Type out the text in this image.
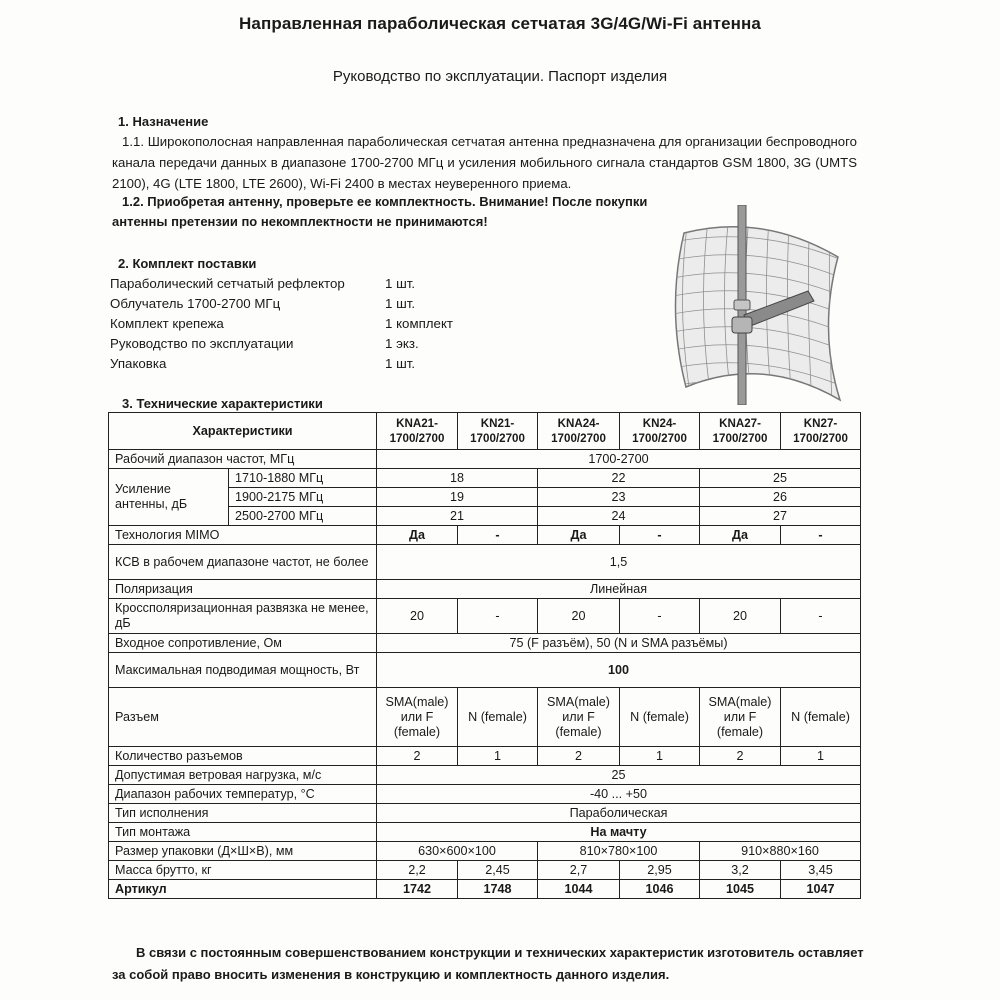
Направленная параболическая сетчатая 3G/4G/Wi-Fi антенна
Руководство по эксплуатации. Паспорт изделия
1. Назначение
1.1. Широкополосная направленная параболическая сетчатая антенна предназначена для организации беспроводного канала передачи данных в диапазоне 1700-2700 МГц и усиления мобильного сигнала стандартов GSM 1800, 3G (UMTS 2100), 4G (LTE 1800, LTE 2600), Wi-Fi 2400 в местах неуверенного приема.
1.2. Приобретая антенну, проверьте ее комплектность. Внимание! После покупки антенны претензии по некомплектности не принимаются!
2. Комплект поставки
Параболический сетчатый рефлектор	1 шт.
Облучатель 1700-2700 МГц	1 шт.
Комплект крепежа	1 комплект
Руководство по эксплуатации	1 экз.
Упаковка	1 шт.
3. Технические характеристики
Характеристики		KNA21-1700/2700	KN21-1700/2700	KNA24-1700/2700	KN24-1700/2700	KNA27-1700/2700	KN27-1700/2700
Рабочий диапазон частот, МГц		1700-2700					
Усиление антенны, дБ	1710-1880 МГц	18		22		25	
	1900-2175 МГц	19		23		26	
	2500-2700 МГц	21		24		27	
Технология MIMO		Да	-	Да	-	Да	-
КСВ в рабочем диапазоне частот, не более		1,5					
Поляризация		Линейная					
Кроссполяризационная развязка не менее, дБ		20	-	20	-	20	-
Входное сопротивление, Ом		75 (F разъём), 50 (N и SMA разъёмы)					
Максимальная подводимая мощность, Вт		100					
Разъем		SMA(male) или F (female)	N (female)	SMA(male) или F (female)	N (female)	SMA(male) или F (female)	N (female)
Количество разъемов		2	1	2	1	2	1
Допустимая ветровая нагрузка, м/с		25					
Диапазон рабочих температур, °С		-40 ... +50					
Тип исполнения		Параболическая					
Тип монтажа		На мачту					
Размер упаковки (Д×Ш×В), мм		630×600×100		810×780×100		910×880×160	
Масса брутто, кг		2,2	2,45	2,7	2,95	3,2	3,45
Артикул		1742	1748	1044	1046	1045	1047
В связи с постоянным совершенствованием конструкции и технических характеристик изготовитель оставляет за собой право вносить изменения в конструкцию и комплектность данного изделия.
